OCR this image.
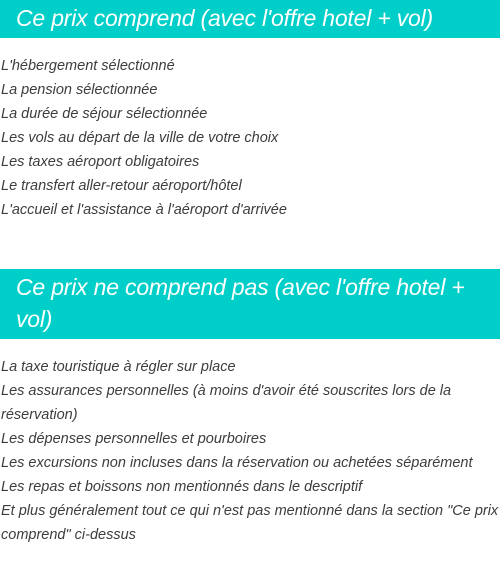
Ce prix comprend (avec l'offre hotel + vol)
L'hébergement sélectionné
La pension sélectionnée
La durée de séjour sélectionnée
Les vols au départ de la ville de votre choix
Les taxes aéroport obligatoires
Le transfert aller-retour aéroport/hôtel
L'accueil et l'assistance à l'aéroport d'arrivée
Ce prix ne comprend pas (avec l'offre hotel + vol)
La taxe touristique à régler sur place
Les assurances personnelles (à moins d'avoir été souscrites lors de la réservation)
Les dépenses personnelles et pourboires
Les excursions non incluses dans la réservation ou achetées séparément
Les repas et boissons non mentionnés dans le descriptif
Et plus généralement tout ce qui n'est pas mentionné dans la section "Ce prix comprend" ci-dessus
